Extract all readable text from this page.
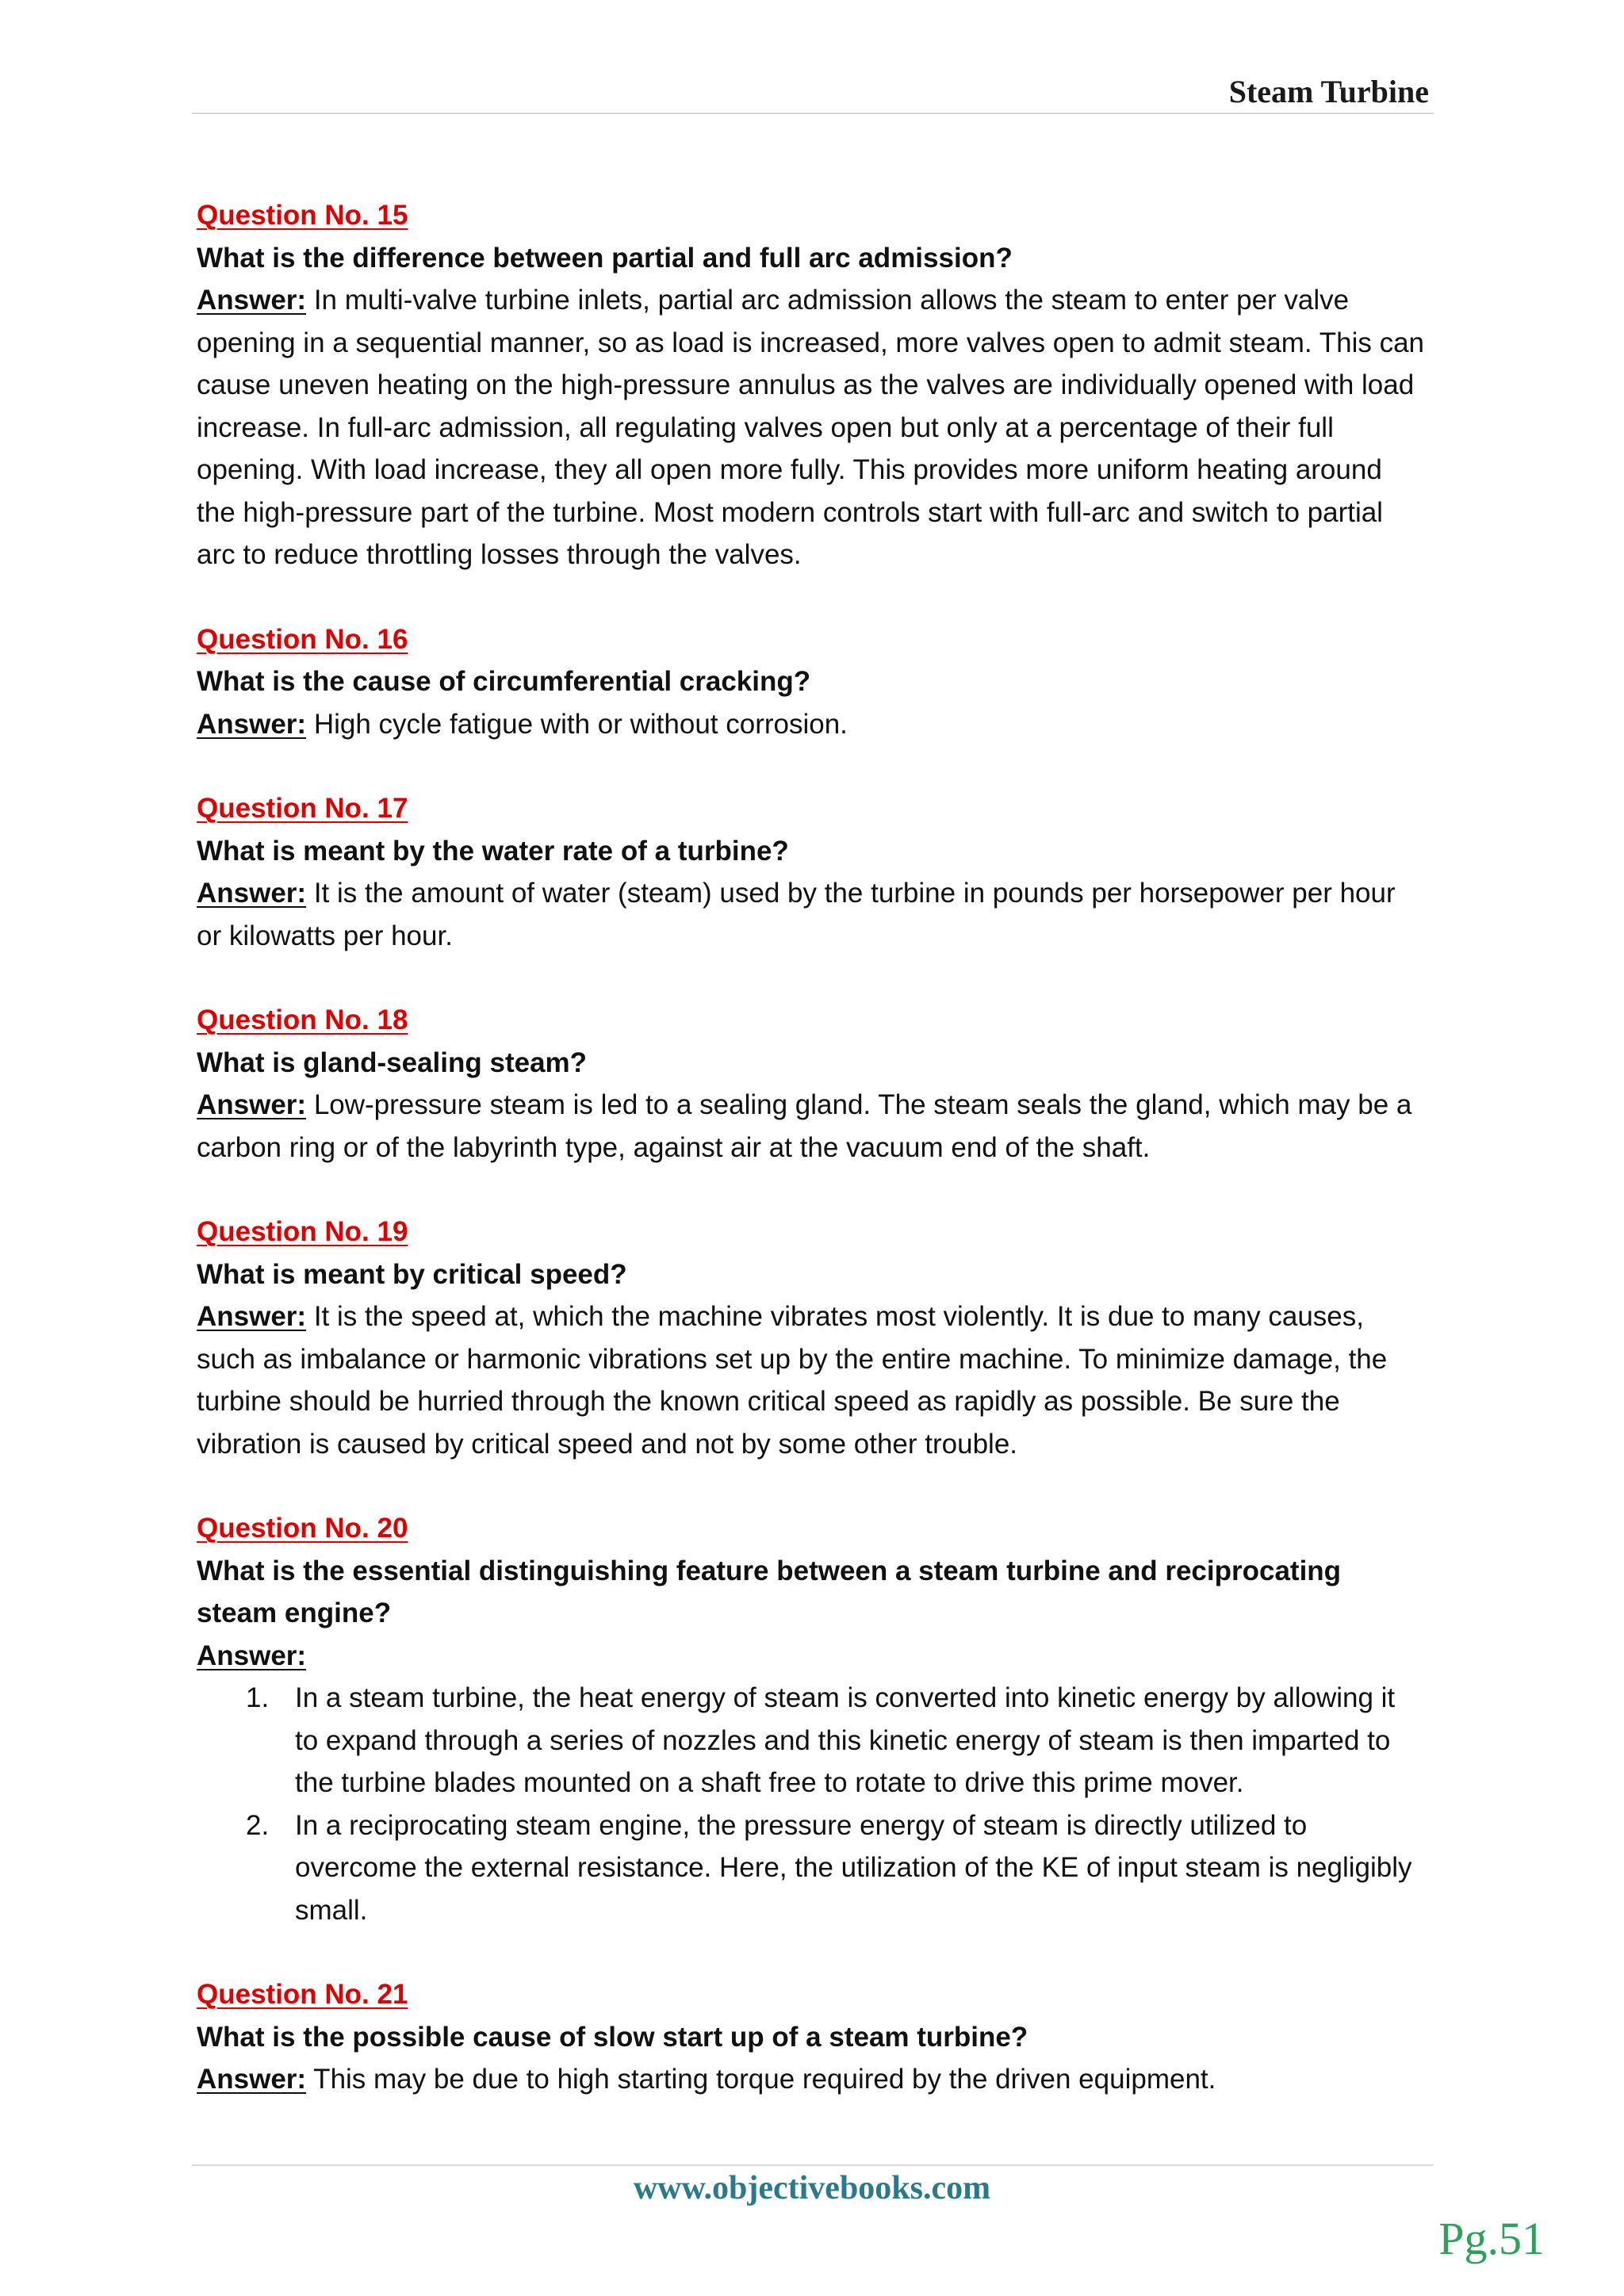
Steam Turbine
Question No. 15
What is the difference between partial and full arc admission?
Answer: In multi-valve turbine inlets, partial arc admission allows the steam to enter per valve opening in a sequential manner, so as load is increased, more valves open to admit steam. This can cause uneven heating on the high-pressure annulus as the valves are individually opened with load increase. In full-arc admission, all regulating valves open but only at a percentage of their full opening. With load increase, they all open more fully. This provides more uniform heating around the high-pressure part of the turbine. Most modern controls start with full-arc and switch to partial arc to reduce throttling losses through the valves.
Question No. 16
What is the cause of circumferential cracking?
Answer: High cycle fatigue with or without corrosion.
Question No. 17
What is meant by the water rate of a turbine?
Answer: It is the amount of water (steam) used by the turbine in pounds per horsepower per hour or kilowatts per hour.
Question No. 18
What is gland-sealing steam?
Answer: Low-pressure steam is led to a sealing gland. The steam seals the gland, which may be a carbon ring or of the labyrinth type, against air at the vacuum end of the shaft.
Question No. 19
What is meant by critical speed?
Answer: It is the speed at, which the machine vibrates most violently. It is due to many causes, such as imbalance or harmonic vibrations set up by the entire machine. To minimize damage, the turbine should be hurried through the known critical speed as rapidly as possible. Be sure the vibration is caused by critical speed and not by some other trouble.
Question No. 20
What is the essential distinguishing feature between a steam turbine and reciprocating steam engine?
Answer:
1. In a steam turbine, the heat energy of steam is converted into kinetic energy by allowing it to expand through a series of nozzles and this kinetic energy of steam is then imparted to the turbine blades mounted on a shaft free to rotate to drive this prime mover.
2. In a reciprocating steam engine, the pressure energy of steam is directly utilized to overcome the external resistance. Here, the utilization of the KE of input steam is negligibly small.
Question No. 21
What is the possible cause of slow start up of a steam turbine?
Answer: This may be due to high starting torque required by the driven equipment.
www.objectivebooks.com
Pg.51
